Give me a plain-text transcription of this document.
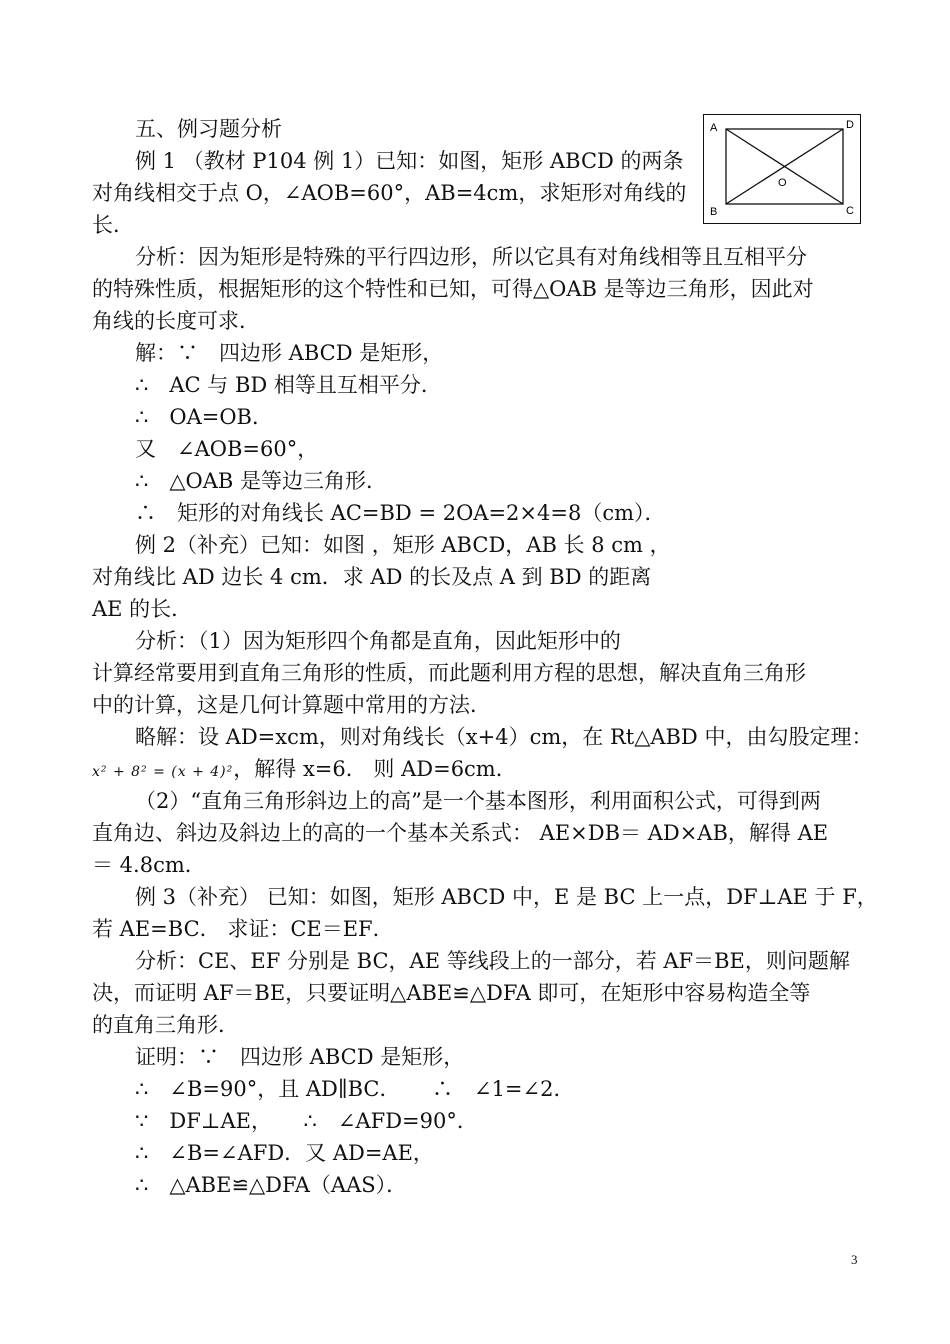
五、例习题分析
例 1 （教材 P104 例 1）已知：如图，矩形 ABCD 的两条
对角线相交于点 O，∠AOB=60°，AB=4cm，求矩形对角线的
长．
分析：因为矩形是特殊的平行四边形，所以它具有对角线相等且互相平分
的特殊性质，根据矩形的这个特性和已知，可得△OAB 是等边三角形，因此对
角线的长度可求．
解：∵　四边形 ABCD 是矩形，
∴　AC 与 BD 相等且互相平分．
∴　OA=OB．
又　∠AOB=60°，
∴　△OAB 是等边三角形．
∴　矩形的对角线长 AC=BD = 2OA=2×4=8（cm）．
例 2（补充）已知：如图 ，矩形 ABCD，AB 长 8 cm ，
对角线比 AD 边长 4 cm．求 AD 的长及点 A 到 BD 的距离
AE 的长．
分析：（1）因为矩形四个角都是直角，因此矩形中的
计算经常要用到直角三角形的性质，而此题利用方程的思想，解决直角三角形
中的计算，这是几何计算题中常用的方法．
略解：设 AD=xcm，则对角线长（x+4）cm，在 Rt△ABD 中，由勾股定理：
x² + 8² = (x + 4)²，解得 x=6． 则 AD=6cm．
（2）“直角三角形斜边上的高”是一个基本图形，利用面积公式，可得到两
直角边、斜边及斜边上的高的一个基本关系式： AE×DB＝ AD×AB，解得 AE
＝ 4.8cm．
例 3（补充） 已知：如图，矩形 ABCD 中，E 是 BC 上一点，DF⊥AE 于 F，
若 AE=BC． 求证：CE＝EF．
分析：CE、EF 分别是 BC，AE 等线段上的一部分，若 AF＝BE，则问题解
决，而证明 AF＝BE，只要证明△ABE≌△DFA 即可，在矩形中容易构造全等
的直角三角形．
证明：∵　四边形 ABCD 是矩形，
∴　∠B=90°，且 AD∥BC．　　∴　∠1=∠2．
∵　DF⊥AE，　　∴　∠AFD=90°．
∴　∠B=∠AFD．又 AD=AE，
∴　△ABE≌△DFA（AAS）．
A	D
B	C
O
3
